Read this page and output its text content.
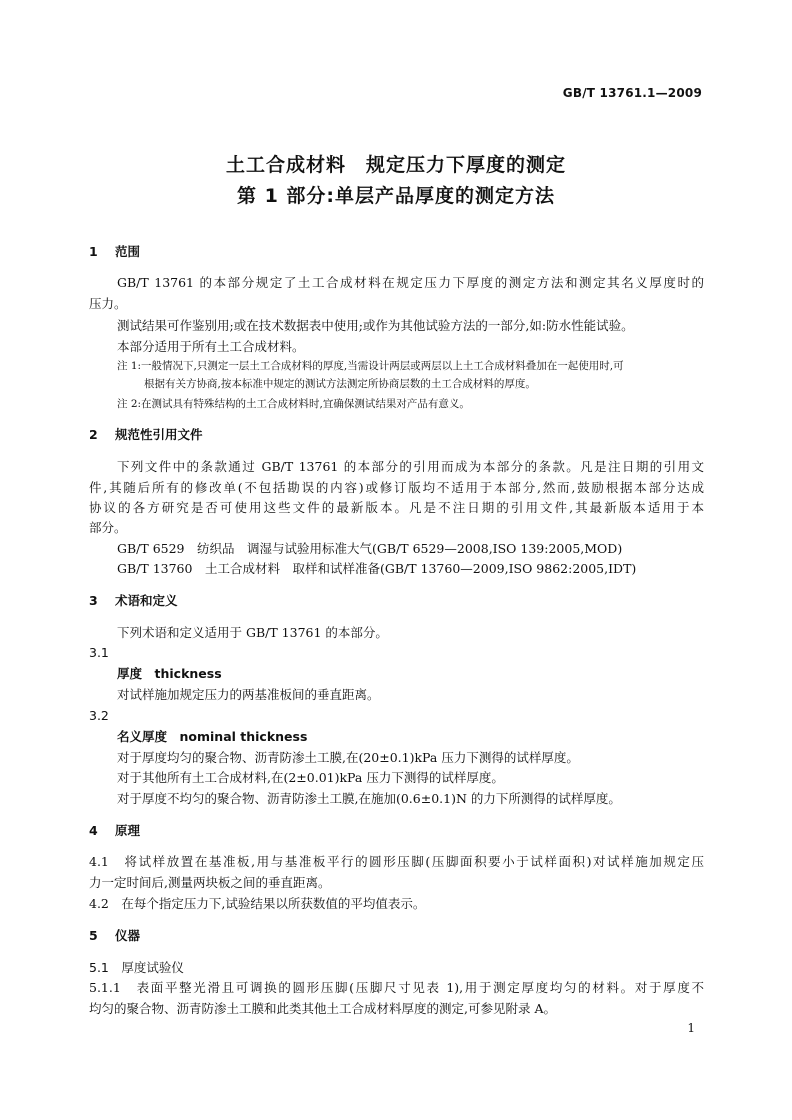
GB/T 13761.1—2009
土工合成材料　规定压力下厚度的测定
第 1 部分:单层产品厚度的测定方法
1 范围
GB/T 13761 的本部分规定了土工合成材料在规定压力下厚度的测定方法和测定其名义厚度时的
压力。
测试结果可作鉴别用;或在技术数据表中使用;或作为其他试验方法的一部分,如:防水性能试验。
本部分适用于所有土工合成材料。
注 1:一般情况下,只测定一层土工合成材料的厚度,当需设计两层或两层以上土工合成材料叠加在一起使用时,可
根据有关方协商,按本标准中规定的测试方法测定所协商层数的土工合成材料的厚度。
注 2:在测试具有特殊结构的土工合成材料时,宜确保测试结果对产品有意义。
2 规范性引用文件
下列文件中的条款通过 GB/T 13761 的本部分的引用而成为本部分的条款。凡是注日期的引用文
件,其随后所有的修改单(不包括勘误的内容)或修订版均不适用于本部分,然而,鼓励根据本部分达成
协议的各方研究是否可使用这些文件的最新版本。凡是不注日期的引用文件,其最新版本适用于本
部分。
GB/T 6529　纺织品　调湿与试验用标准大气(GB/T 6529—2008,ISO 139:2005,MOD)
GB/T 13760　土工合成材料　取样和试样准备(GB/T 13760—2009,ISO 9862:2005,IDT)
3 术语和定义
下列术语和定义适用于 GB/T 13761 的本部分。
3.1
厚度　thickness
对试样施加规定压力的两基准板间的垂直距离。
3.2
名义厚度　nominal thickness
对于厚度均匀的聚合物、沥青防渗土工膜,在(20±0.1)kPa 压力下测得的试样厚度。
对于其他所有土工合成材料,在(2±0.01)kPa 压力下测得的试样厚度。
对于厚度不均匀的聚合物、沥青防渗土工膜,在施加(0.6±0.1)N 的力下所测得的试样厚度。
4 原理
4.1　将试样放置在基准板,用与基准板平行的圆形压脚(压脚面积要小于试样面积)对试样施加规定压
力一定时间后,测量两块板之间的垂直距离。
4.2　在每个指定压力下,试验结果以所获数值的平均值表示。
5 仪器
5.1　厚度试验仪
5.1.1　表面平整光滑且可调换的圆形压脚(压脚尺寸见表 1),用于测定厚度均匀的材料。对于厚度不
均匀的聚合物、沥青防渗土工膜和此类其他土工合成材料厚度的测定,可参见附录 A。
1
